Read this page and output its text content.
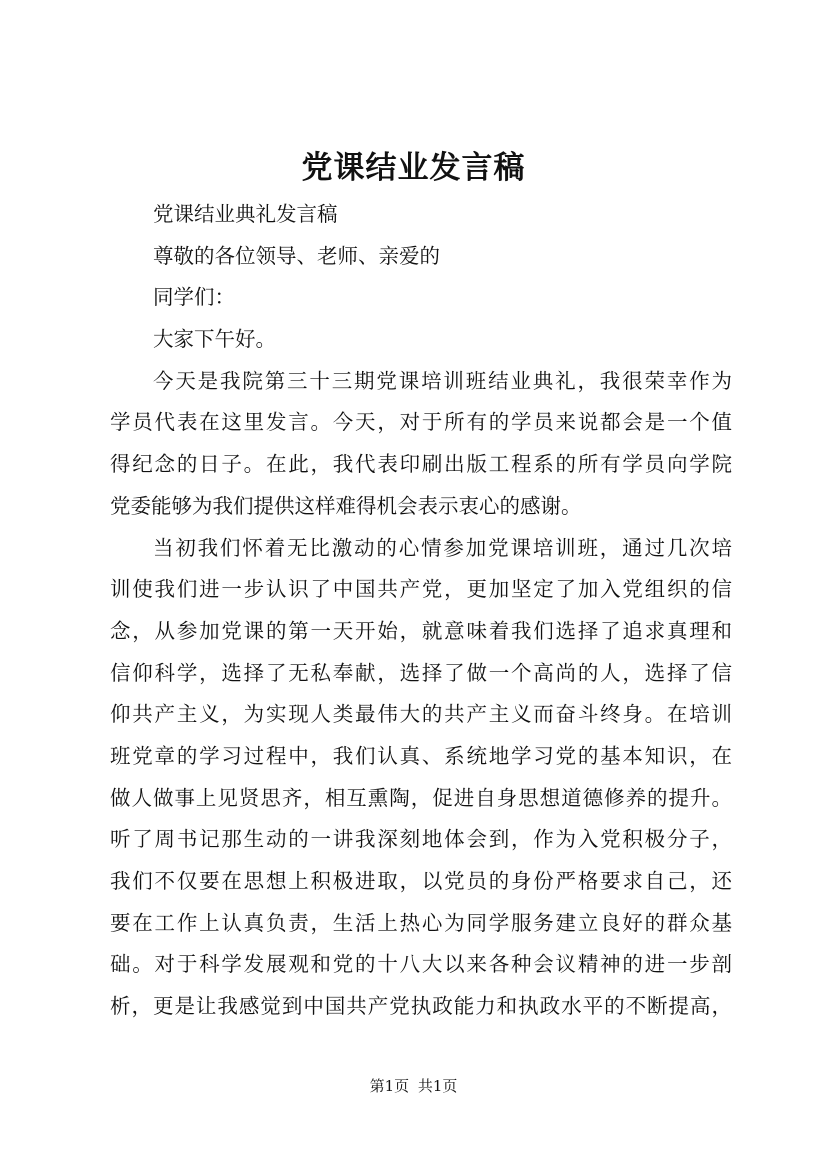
党课结业发言稿

党课结业典礼发言稿

尊敬的各位领导、老师、亲爱的

同学们：

大家下午好。

今天是我院第三十三期党课培训班结业典礼，我很荣幸作为

学员代表在这里发言。今天，对于所有的学员来说都会是一个值

得纪念的日子。在此，我代表印刷出版工程系的所有学员向学院

党委能够为我们提供这样难得机会表示衷心的感谢。

当初我们怀着无比激动的心情参加党课培训班，通过几次培

训使我们进一步认识了中国共产党，更加坚定了加入党组织的信

念，从参加党课的第一天开始，就意味着我们选择了追求真理和

信仰科学，选择了无私奉献，选择了做一个高尚的人，选择了信

仰共产主义，为实现人类最伟大的共产主义而奋斗终身。在培训

班党章的学习过程中，我们认真、系统地学习党的基本知识，在

做人做事上见贤思齐，相互熏陶，促进自身思想道德修养的提升。

听了周书记那生动的一讲我深刻地体会到，作为入党积极分子，

我们不仅要在思想上积极进取，以党员的身份严格要求自己，还

要在工作上认真负责，生活上热心为同学服务建立良好的群众基

础。对于科学发展观和党的十八大以来各种会议精神的进一步剖

析，更是让我感觉到中国共产党执政能力和执政水平的不断提高，

第1页 共1页
